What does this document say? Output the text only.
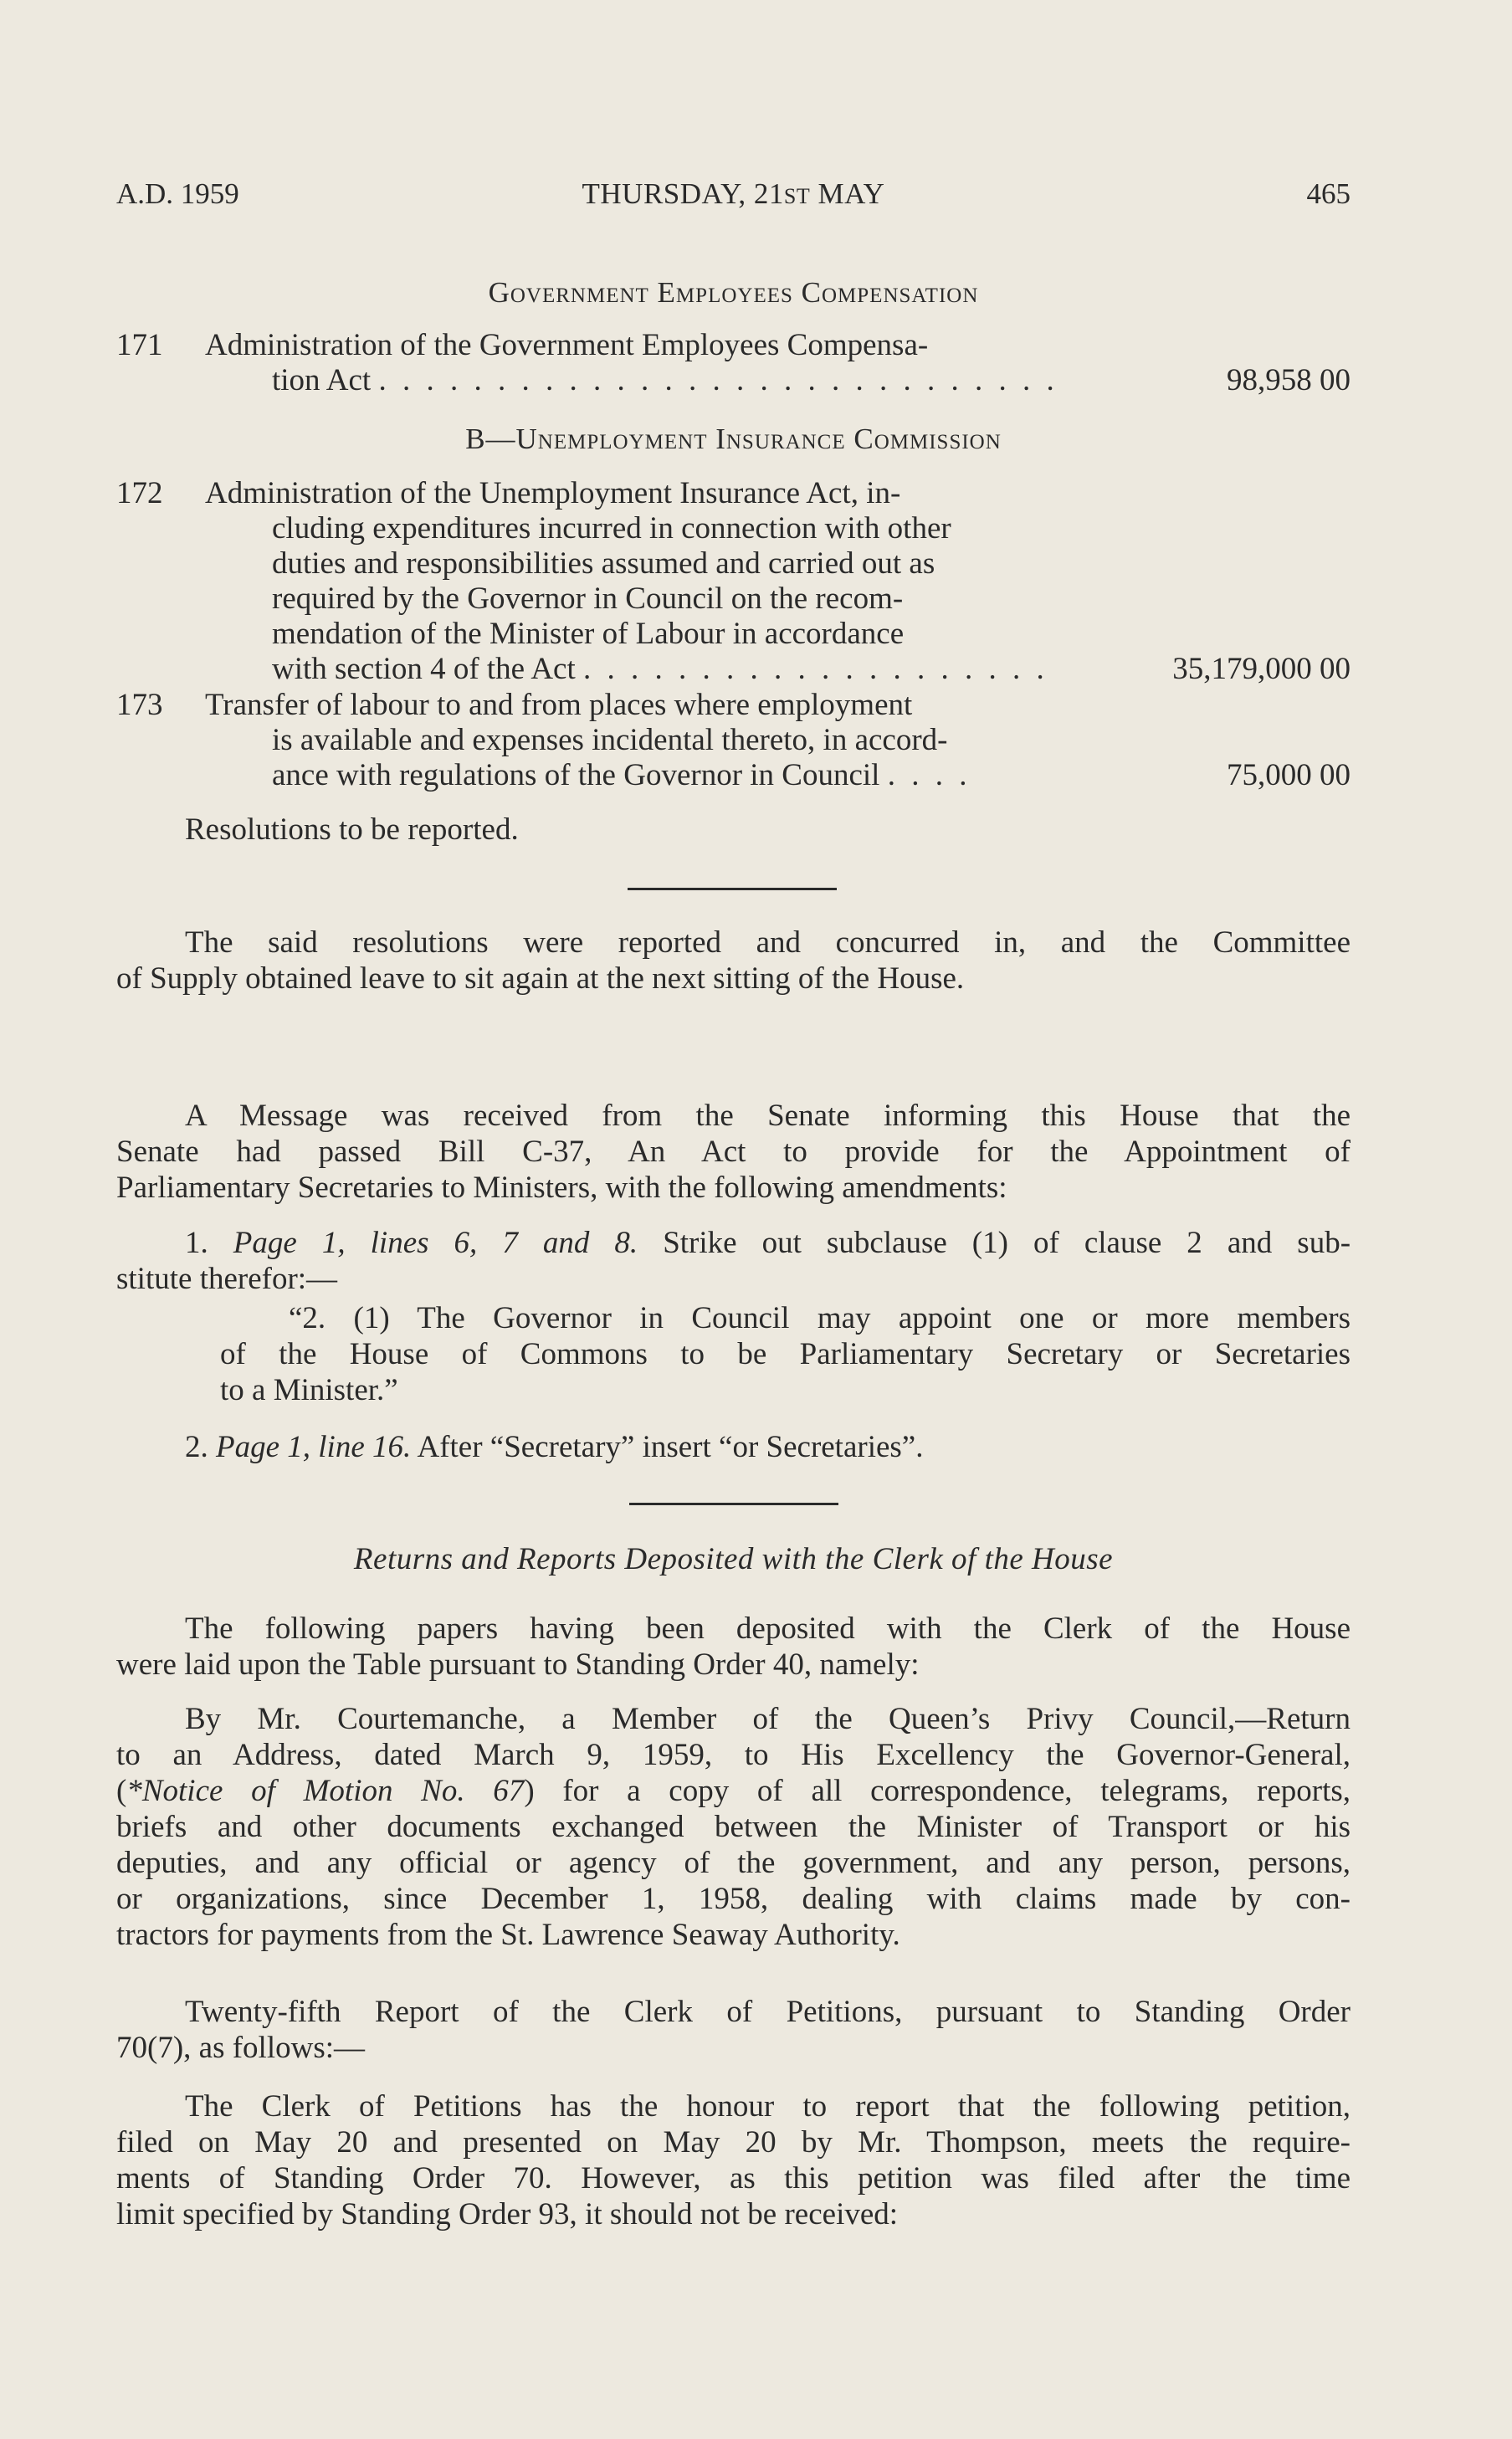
A.D. 1959	THURSDAY, 21ST MAY	465
Government Employees Compensation
171 Administration of the Government Employees Compensa-
tion Act . . . . . . . . . . . . . . . . . . . . . . . . . . . . .	98,958 00
B—Unemployment Insurance Commission
172 Administration of the Unemployment Insurance Act, in-
cluding expenditures incurred in connection with other
duties and responsibilities assumed and carried out as
required by the Governor in Council on the recom-
mendation of the Minister of Labour in accordance
with section 4 of the Act . . . . . . . . . . . . . . . . . . . .	35,179,000 00
173 Transfer of labour to and from places where employment
is available and expenses incidental thereto, in accord-
ance with regulations of the Governor in Council . . . .	75,000 00
Resolutions to be reported.
The said resolutions were reported and concurred in, and the Committee
of Supply obtained leave to sit again at the next sitting of the House.
A Message was received from the Senate informing this House that the
Senate had passed Bill C-37, An Act to provide for the Appointment of
Parliamentary Secretaries to Ministers, with the following amendments:
1. Page 1, lines 6, 7 and 8. Strike out subclause (1) of clause 2 and sub-
stitute therefor:—
“2. (1) The Governor in Council may appoint one or more members
of the House of Commons to be Parliamentary Secretary or Secretaries
to a Minister.”
2. Page 1, line 16. After “Secretary” insert “or Secretaries”.
Returns and Reports Deposited with the Clerk of the House
The following papers having been deposited with the Clerk of the House
were laid upon the Table pursuant to Standing Order 40, namely:
By Mr. Courtemanche, a Member of the Queen’s Privy Council,—Return
to an Address, dated March 9, 1959, to His Excellency the Governor-General,
(*Notice of Motion No. 67) for a copy of all correspondence, telegrams, reports,
briefs and other documents exchanged between the Minister of Transport or his
deputies, and any official or agency of the government, and any person, persons,
or organizations, since December 1, 1958, dealing with claims made by con-
tractors for payments from the St. Lawrence Seaway Authority.
Twenty-fifth Report of the Clerk of Petitions, pursuant to Standing Order
70(7), as follows:—
The Clerk of Petitions has the honour to report that the following petition,
filed on May 20 and presented on May 20 by Mr. Thompson, meets the require-
ments of Standing Order 70. However, as this petition was filed after the time
limit specified by Standing Order 93, it should not be received:
